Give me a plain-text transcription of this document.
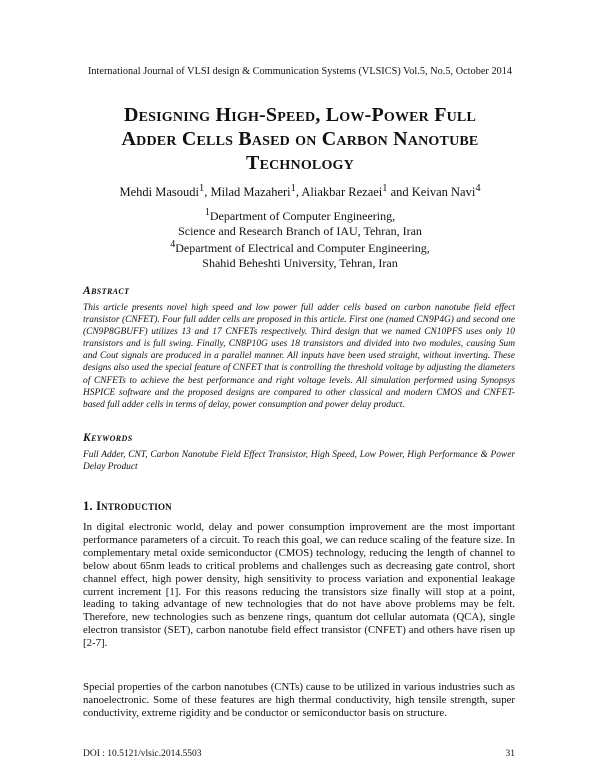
International Journal of VLSI design & Communication Systems (VLSICS) Vol.5, No.5, October 2014
Designing High-Speed, Low-Power Full
Adder Cells Based on Carbon Nanotube
Technology
Mehdi Masoudi$^1$, Milad Mazaheri$^1$, Aliakbar Rezaei$^1$ and Keivan Navi$^4$
$^1$Department of Computer Engineering,
Science and Research Branch of IAU, Tehran, Iran
$^4$Department of Electrical and Computer Engineering,
Shahid Beheshti University, Tehran, Iran
Abstract

This article presents novel high speed and low power full adder cells based on carbon nanotube field effect transistor (CNFET). Four full adder cells are proposed in this article. First one (named CN9P4G) and second one (CN9P8GBUFF) utilizes 13 and 17 CNFETs respectively. Third design that we named CN10PFS uses only 10 transistors and is full swing. Finally, CN8P10G uses 18 transistors and divided into two modules, causing Sum and Cout signals are produced in a parallel manner. All inputs have been used straight, without inverting. These designs also used the special feature of CNFET that is controlling the threshold voltage by adjusting the diameters of CNFETs to achieve the best performance and right voltage levels. All simulation performed using Synopsys HSPICE software and the proposed designs are compared to other classical and modern CMOS and CNFET-based full adder cells in terms of delay, power consumption and power delay product.

Keywords

Full Adder, CNT, Carbon Nanotube Field Effect Transistor, High Speed, Low Power, High Performance & Power Delay Product

1. Introduction

In digital electronic world, delay and power consumption improvement are the most important performance parameters of a circuit. To reach this goal, we can reduce scaling of the feature size. In complementary metal oxide semiconductor (CMOS) technology, reducing the length of channel to below about 65nm leads to critical problems and challenges such as decreasing gate control, short channel effect, high power density, high sensitivity to process variation and exponential leakage current increment [1]. For this reasons reducing the transistors size finally will stop at a point, leading to taking advantage of new technologies that do not have above problems may be felt. Therefore, new technologies such as benzene rings, quantum dot cellular automata (QCA), single electron transistor (SET), carbon nanotube field effect transistor (CNFET) and others have risen up [2-7].

Special properties of the carbon nanotubes (CNTs) cause to be utilized in various industries such as nanoelectronic. Some of these features are high thermal conductivity, high tensile strength, super conductivity, extreme rigidity and be conductor or semiconductor basis on structure.

DOI : 10.5121/vlsic.2014.5503	31
